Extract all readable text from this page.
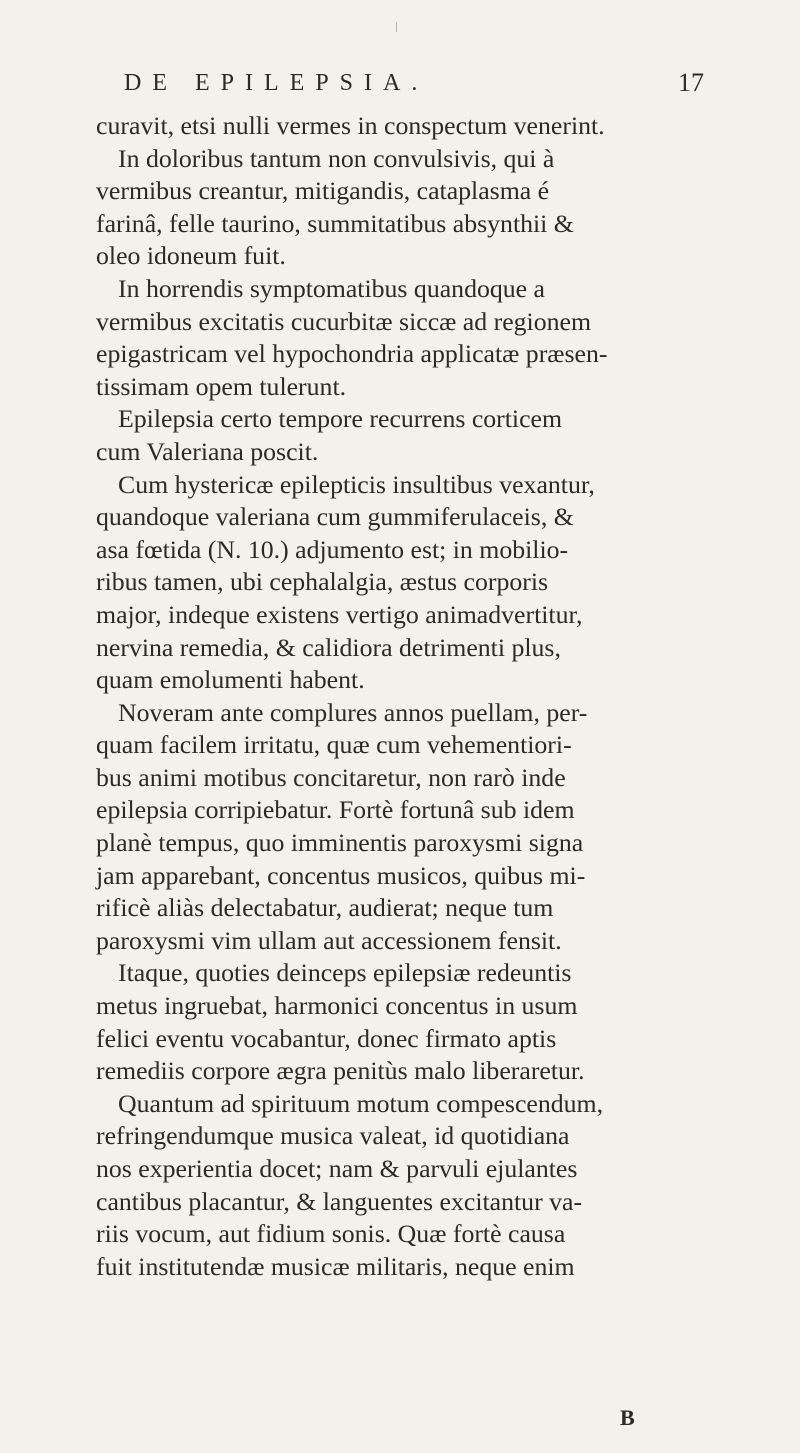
DE EPILEPSIA.	17
curavit, etsi nulli vermes in conspectum venerint.
In doloribus tantum non convulsivis, qui à
vermibus creantur, mitigandis, cataplasma é
farinâ, felle taurino, summitatibus absynthii &
oleo idoneum fuit.
In horrendis symptomatibus quandoque a
vermibus excitatis cucurbitæ siccæ ad regionem
epigastricam vel hypochondria applicatæ præsen-
tissimam opem tulerunt.
Epilepsia certo tempore recurrens corticem
cum Valeriana poscit.
Cum hystericæ epilepticis insultibus vexantur,
quandoque valeriana cum gummiferulaceis, &
asa fœtida (N. 10.) adjumento est; in mobilio-
ribus tamen, ubi cephalalgia, æstus corporis
major, indeque existens vertigo animadvertitur,
nervina remedia, & calidiora detrimenti plus,
quam emolumenti habent.
Noveram ante complures annos puellam, per-
quam facilem irritatu, quæ cum vehementiori-
bus animi motibus concitaretur, non rarò inde
epilepsia corripiebatur. Fortè fortunâ sub idem
planè tempus, quo imminentis paroxysmi signa
jam apparebant, concentus musicos, quibus mi-
rificè aliàs delectabatur, audierat; neque tum
paroxysmi vim ullam aut accessionem fensit.
Itaque, quoties deinceps epilepsiæ redeuntis
metus ingruebat, harmonici concentus in usum
felici eventu vocabantur, donec firmato aptis
remediis corpore ægra penitùs malo liberaretur.
Quantum ad spirituum motum compescendum,
refringendumque musica valeat, id quotidiana
nos experientia docet; nam & parvuli ejulantes
cantibus placantur, & languentes excitantur va-
riis vocum, aut fidium sonis. Quæ fortè causa
fuit institutendæ musicæ militaris, neque enim
B
